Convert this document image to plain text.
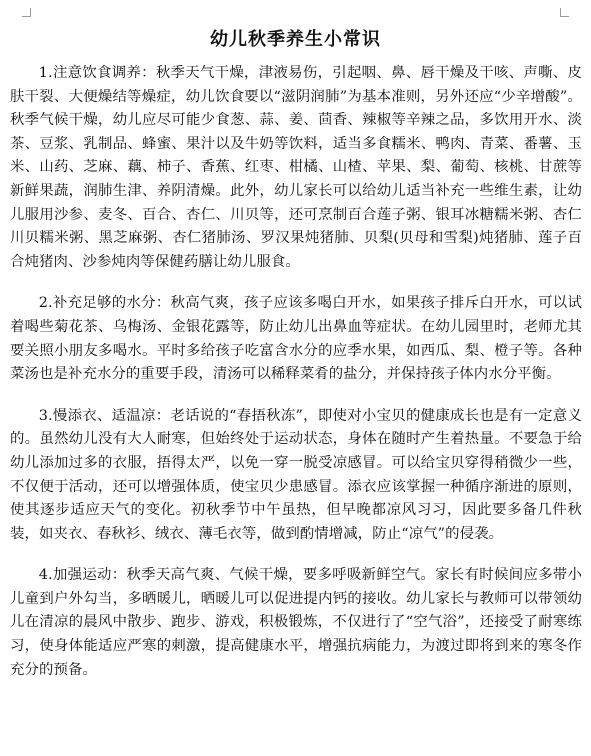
幼儿秋季养生小常识

1.注意饮食调养：秋季天气干燥，津液易伤，引起咽、鼻、唇干燥及干咳、声嘶、皮肤干裂、大便燥结等燥症，幼儿饮食要以“滋阴润肺”为基本准则，另外还应“少辛增酸”。秋季气候干燥，幼儿应尽可能少食葱、蒜、姜、茴香、辣椒等辛辣之品，多饮用开水、淡茶、豆浆、乳制品、蜂蜜、果汁以及牛奶等饮料，适当多食糯米、鸭肉、青菜、番薯、玉米、山药、芝麻、藕、柿子、香蕉、红枣、柑橘、山楂、苹果、梨、葡萄、核桃、甘蔗等新鲜果蔬，润肺生津、养阴清燥。此外，幼儿家长可以给幼儿适当补充一些维生素，让幼儿服用沙参、麦冬、百合、杏仁、川贝等，还可烹制百合莲子粥、银耳冰糖糯米粥、杏仁川贝糯米粥、黑芝麻粥、杏仁猪肺汤、罗汉果炖猪肺、贝梨(贝母和雪梨)炖猪肺、莲子百合炖猪肉、沙参炖肉等保健药膳让幼儿服食。

2.补充足够的水分：秋高气爽，孩子应该多喝白开水，如果孩子排斥白开水，可以试着喝些菊花茶、乌梅汤、金银花露等，防止幼儿出鼻血等症状。在幼儿园里时，老师尤其要关照小朋友多喝水。平时多给孩子吃富含水分的应季水果，如西瓜、梨、橙子等。各种菜汤也是补充水分的重要手段，清汤可以稀释菜肴的盐分，并保持孩子体内水分平衡。

3.慢添衣、适温凉：老话说的“春捂秋冻”，即使对小宝贝的健康成长也是有一定意义的。虽然幼儿没有大人耐寒，但始终处于运动状态，身体在随时产生着热量。不要急于给幼儿添加过多的衣服，捂得太严，以免一穿一脱受凉感冒。可以给宝贝穿得稍微少一些，不仅便于活动，还可以增强体质，使宝贝少患感冒。添衣应该掌握一种循序渐进的原则，使其逐步适应天气的变化。初秋季节中午虽热，但早晚都凉风习习，因此要多备几件秋装，如夹衣、春秋衫、绒衣、薄毛衣等，做到酌情增减，防止“凉气”的侵袭。

4.加强运动：秋季天高气爽、气候干燥，要多呼吸新鲜空气。家长有时候间应多带小儿童到户外勾当，多晒暖儿，晒暖儿可以促进提内钙的接收。幼儿家长与教师可以带领幼儿在清凉的晨风中散步、跑步、游戏，积极锻炼，不仅进行了“空气浴”，还接受了耐寒练习，使身体能适应严寒的刺激，提高健康水平，增强抗病能力，为渡过即将到来的寒冬作充分的预备。
